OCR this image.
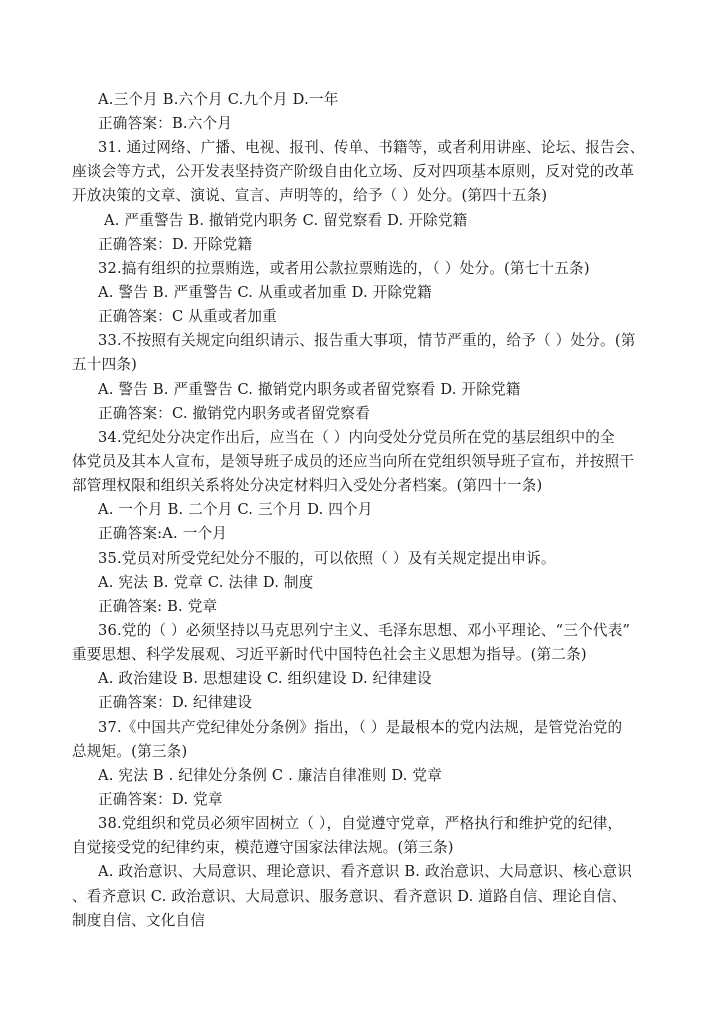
A.三个月 B.六个月 C.九个月 D.一年
正确答案：B.六个月
31. 通过网络、广播、电视、报刊、传单、书籍等，或者利用讲座、论坛、报告会、
座谈会等方式，公开发表坚持资产阶级自由化立场、反对四项基本原则，反对党的改革
开放决策的文章、演说、宣言、声明等的，给予（ ）处分。(第四十五条)
A. 严重警告 B. 撤销党内职务 C. 留党察看 D. 开除党籍
正确答案：D. 开除党籍
32.搞有组织的拉票贿选，或者用公款拉票贿选的，（ ）处分。(第七十五条)
A. 警告 B. 严重警告 C. 从重或者加重 D. 开除党籍
正确答案：C 从重或者加重
33.不按照有关规定向组织请示、报告重大事项，情节严重的，给予（ ）处分。(第
五十四条)
A. 警告 B. 严重警告 C. 撤销党内职务或者留党察看 D. 开除党籍
正确答案：C. 撤销党内职务或者留党察看
34.党纪处分决定作出后，应当在（ ）内向受处分党员所在党的基层组织中的全
体党员及其本人宣布，是领导班子成员的还应当向所在党组织领导班子宣布，并按照干
部管理权限和组织关系将处分决定材料归入受处分者档案。(第四十一条)
A. 一个月 B. 二个月 C. 三个月 D. 四个月
正确答案:A. 一个月
35.党员对所受党纪处分不服的，可以依照（ ）及有关规定提出申诉。
A. 宪法 B. 党章 C. 法律 D. 制度
正确答案: B. 党章
36.党的（ ）必须坚持以马克思列宁主义、毛泽东思想、邓小平理论、“三个代表”
重要思想、科学发展观、习近平新时代中国特色社会主义思想为指导。(第二条)
A. 政治建设 B. 思想建设 C. 组织建设 D. 纪律建设
正确答案：D. 纪律建设
37.《中国共产党纪律处分条例》指出，（ ）是最根本的党内法规，是管党治党的
总规矩。(第三条)
A. 宪法 B . 纪律处分条例 C . 廉洁自律准则 D. 党章
正确答案：D. 党章
38.党组织和党员必须牢固树立（ ），自觉遵守党章，严格执行和维护党的纪律，
自觉接受党的纪律约束，模范遵守国家法律法规。(第三条)
A. 政治意识、大局意识、理论意识、看齐意识 B. 政治意识、大局意识、核心意识
、看齐意识 C. 政治意识、大局意识、服务意识、看齐意识 D. 道路自信、理论自信、
制度自信、文化自信
